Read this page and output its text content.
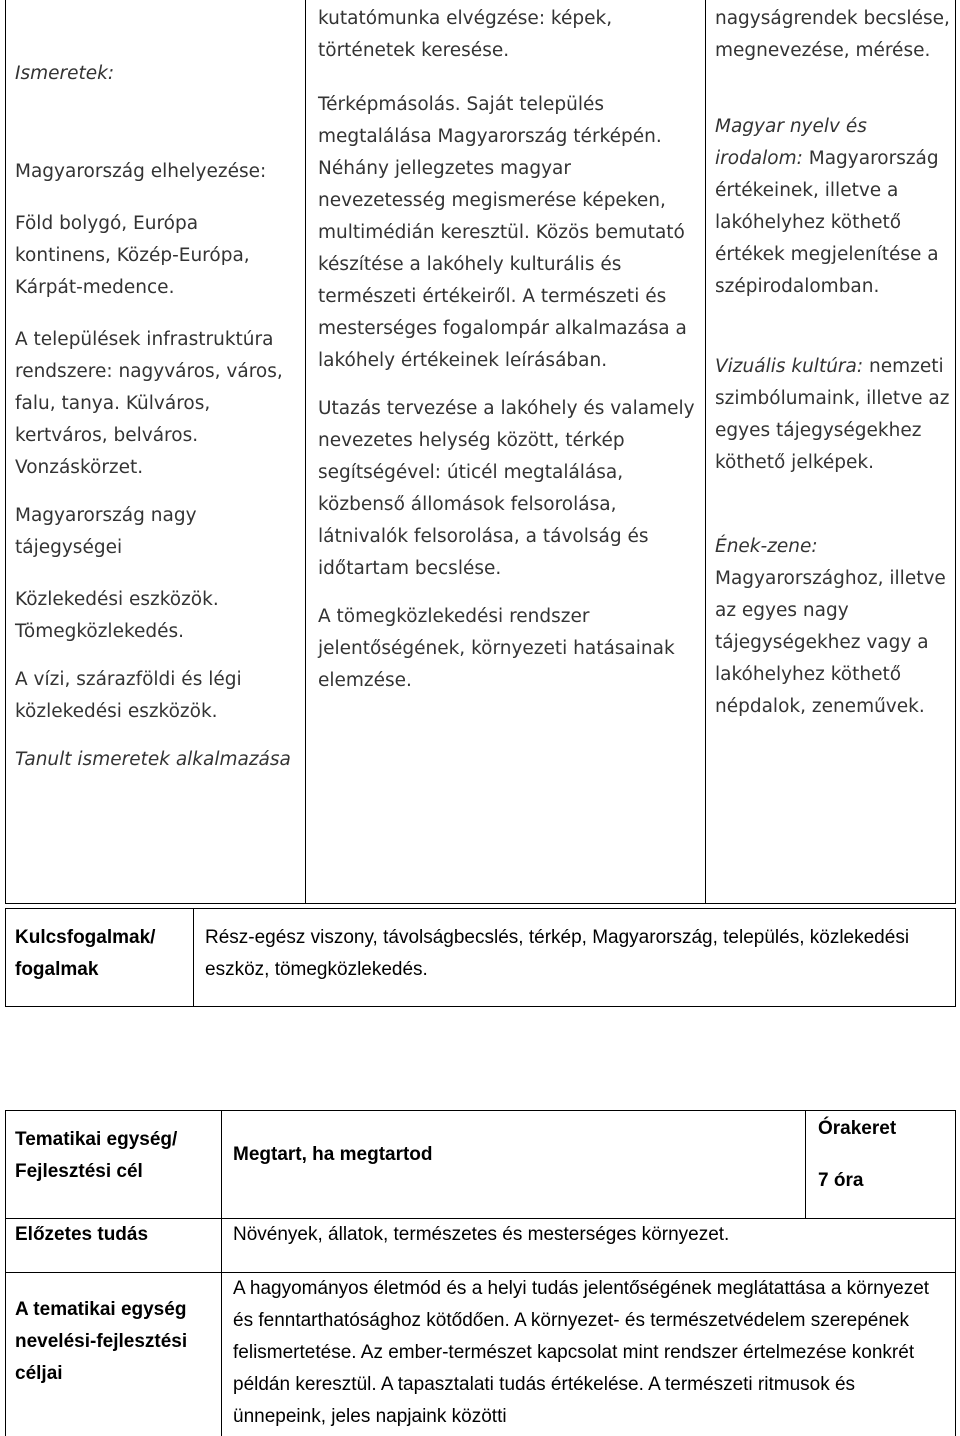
Ismeretek:

Magyarország elhelyezése:

Föld bolygó, Európa kontinens, Közép-Európa, Kárpát-medence.

A települések infrastruktúra rendszere: nagyváros, város, falu, tanya. Külváros, kertváros, belváros. Vonzáskörzet.

Magyarország nagy tájegységei

Közlekedési eszközök. Tömegközlekedés.

A vízi, szárazföldi és légi közlekedési eszközök.

Tanult ismeretek alkalmazása

kutatómunka elvégzése: képek, történetek keresése.

Térképmásolás. Saját település megtalálása Magyarország térképén. Néhány jellegzetes magyar nevezetesség megismerése képeken, multimédián keresztül. Közös bemutató készítése a lakóhely kulturális és természeti értékeiről. A természeti és mesterséges fogalompár alkalmazása a lakóhely értékeinek leírásában.

Utazás tervezése a lakóhely és valamely nevezetes helység között, térkép segítségével: úticél megtalálása, közbenső állomások felsorolása, látnivalók felsorolása, a távolság és időtartam becslése.

A tömegközlekedési rendszer jelentőségének, környezeti hatásainak elemzése.

nagyságrendek becslése, megnevezése, mérése.

Magyar nyelv és irodalom: Magyarország értékeinek, illetve a lakóhelyhez köthető értékek megjelenítése a szépirodalomban.

Vizuális kultúra: nemzeti szimbólumaink, illetve az egyes tájegységekhez köthető jelképek.

Ének-zene: Magyarországhoz, illetve az egyes nagy tájegységekhez vagy a lakóhelyhez köthető népdalok, zeneművek.

Kulcsfogalmak/ fogalmak
Rész-egész viszony, távolságbecslés, térkép, Magyarország, település, közlekedési eszköz, tömegközlekedés.
Tematikai egység/ Fejlesztési cél
Megtart, ha megtartod
Órakeret
7 óra
Előzetes tudás	Növények, állatok, természetes és mesterséges környezet.
A tematikai egység nevelési-fejlesztési céljai
A hagyományos életmód és a helyi tudás jelentőségének meglátattása a környezet és fenntarthatósághoz kötődően. A környezet- és természetvédelem szerepének felismertetése. Az ember-természet kapcsolat mint rendszer értelmezése konkrét példán keresztül. A tapasztalati tudás értékelése. A természeti ritmusok és ünnepeink, jeles napjaink közötti
